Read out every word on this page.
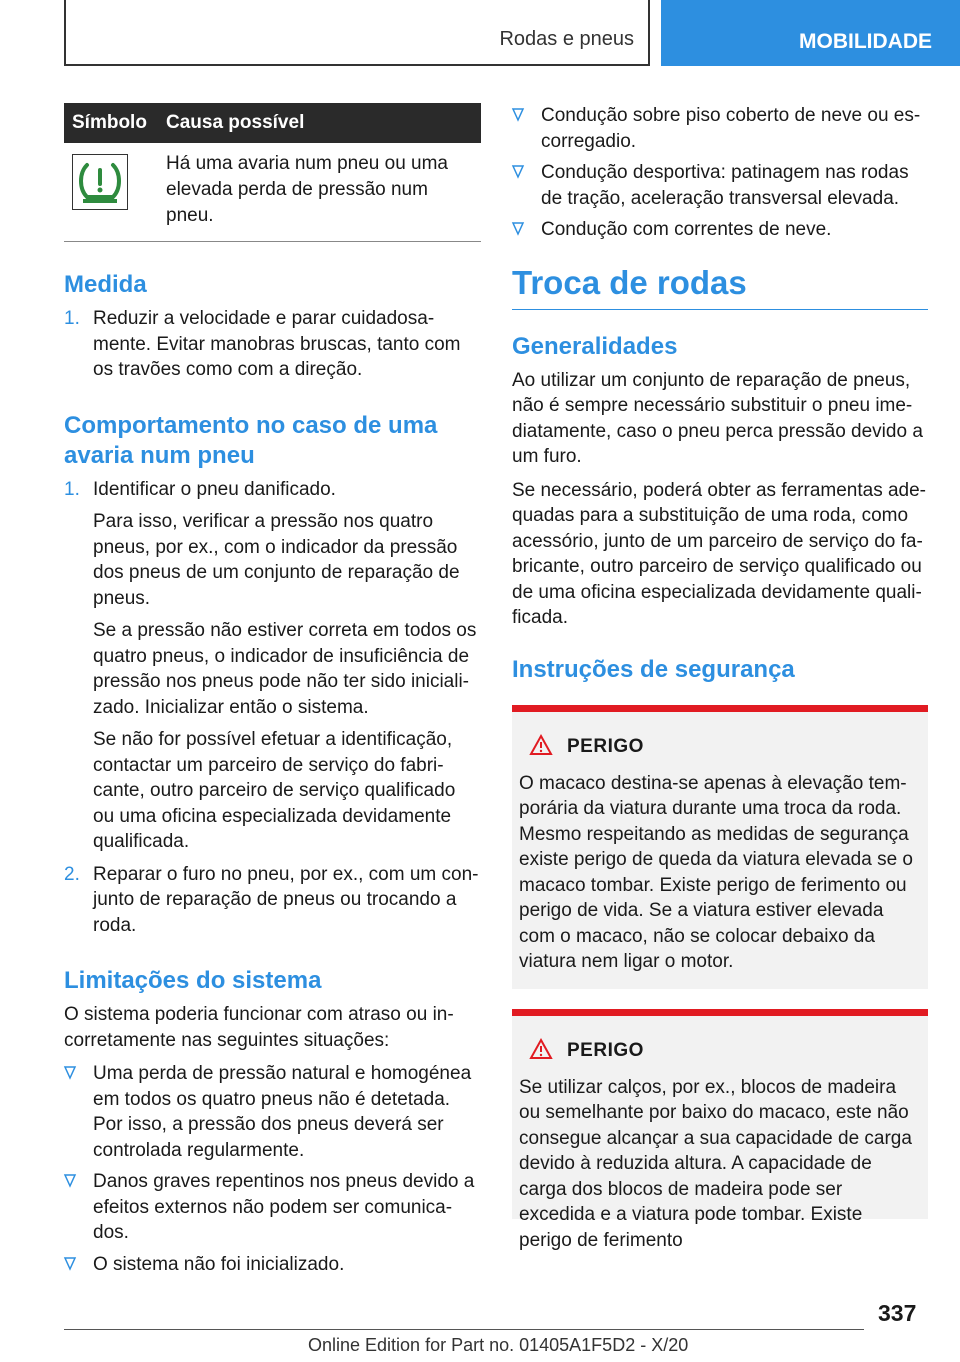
Rodas e pneus	MOBILIDADE
Símbolo	Causa possível

	Há uma avaria num pneu ou uma elevada perda de pressão num pneu.
Medida
1. Reduzir a velocidade e parar cuidadosa-mente. Evitar manobras bruscas, tanto com os travões como com a direção.

Comportamento no caso de uma avaria num pneu
1. Identificar o pneu danificado.

Para isso, verificar a pressão nos quatro pneus, por ex., com o indicador da pressão dos pneus de um conjunto de reparação de pneus.

Se a pressão não estiver correta em todos os quatro pneus, o indicador de insuficiência de pressão nos pneus pode não ter sido iniciali-zado. Inicializar então o sistema.

Se não for possível efetuar a identificação, contactar um parceiro de serviço do fabri-cante, outro parceiro de serviço qualificado ou uma oficina especializada devidamente qualificada.

2. Reparar o furo no pneu, por ex., com um con-junto de reparação de pneus ou trocando a roda.

Limitações do sistema

O sistema poderia funcionar com atraso ou in-corretamente nas seguintes situações:

Uma perda de pressão natural e homogénea em todos os quatro pneus não é detetada. Por isso, a pressão dos pneus deverá ser controlada regularmente.

Danos graves repentinos nos pneus devido a efeitos externos não podem ser comunica-dos.

O sistema não foi inicializado.

Condução sobre piso coberto de neve ou es-corregadio.

Condução desportiva: patinagem nas rodas de tração, aceleração transversal elevada.

Condução com correntes de neve.

Troca de rodas
Generalidades

Ao utilizar um conjunto de reparação de pneus, não é sempre necessário substituir o pneu ime-diatamente, caso o pneu perca pressão devido a um furo.

Se necessário, poderá obter as ferramentas ade-quadas para a substituição de uma roda, como acessório, junto de um parceiro de serviço do fa-bricante, outro parceiro de serviço qualificado ou de uma oficina especializada devidamente quali-ficada.

Instruções de segurança
PERIGO

O macaco destina-se apenas à elevação tem-porária da viatura durante uma troca da roda. Mesmo respeitando as medidas de segurança existe perigo de queda da viatura elevada se o macaco tombar. Existe perigo de ferimento ou perigo de vida. Se a viatura estiver elevada com o macaco, não se colocar debaixo da viatura nem ligar o motor.

PERIGO

Se utilizar calços, por ex., blocos de madeira ou semelhante por baixo do macaco, este não consegue alcançar a sua capacidade de carga devido à reduzida altura. A capacidade de carga dos blocos de madeira pode ser excedida e a viatura pode tombar. Existe perigo de ferimento

337
Online Edition for Part no. 01405A1F5D2 - X/20
